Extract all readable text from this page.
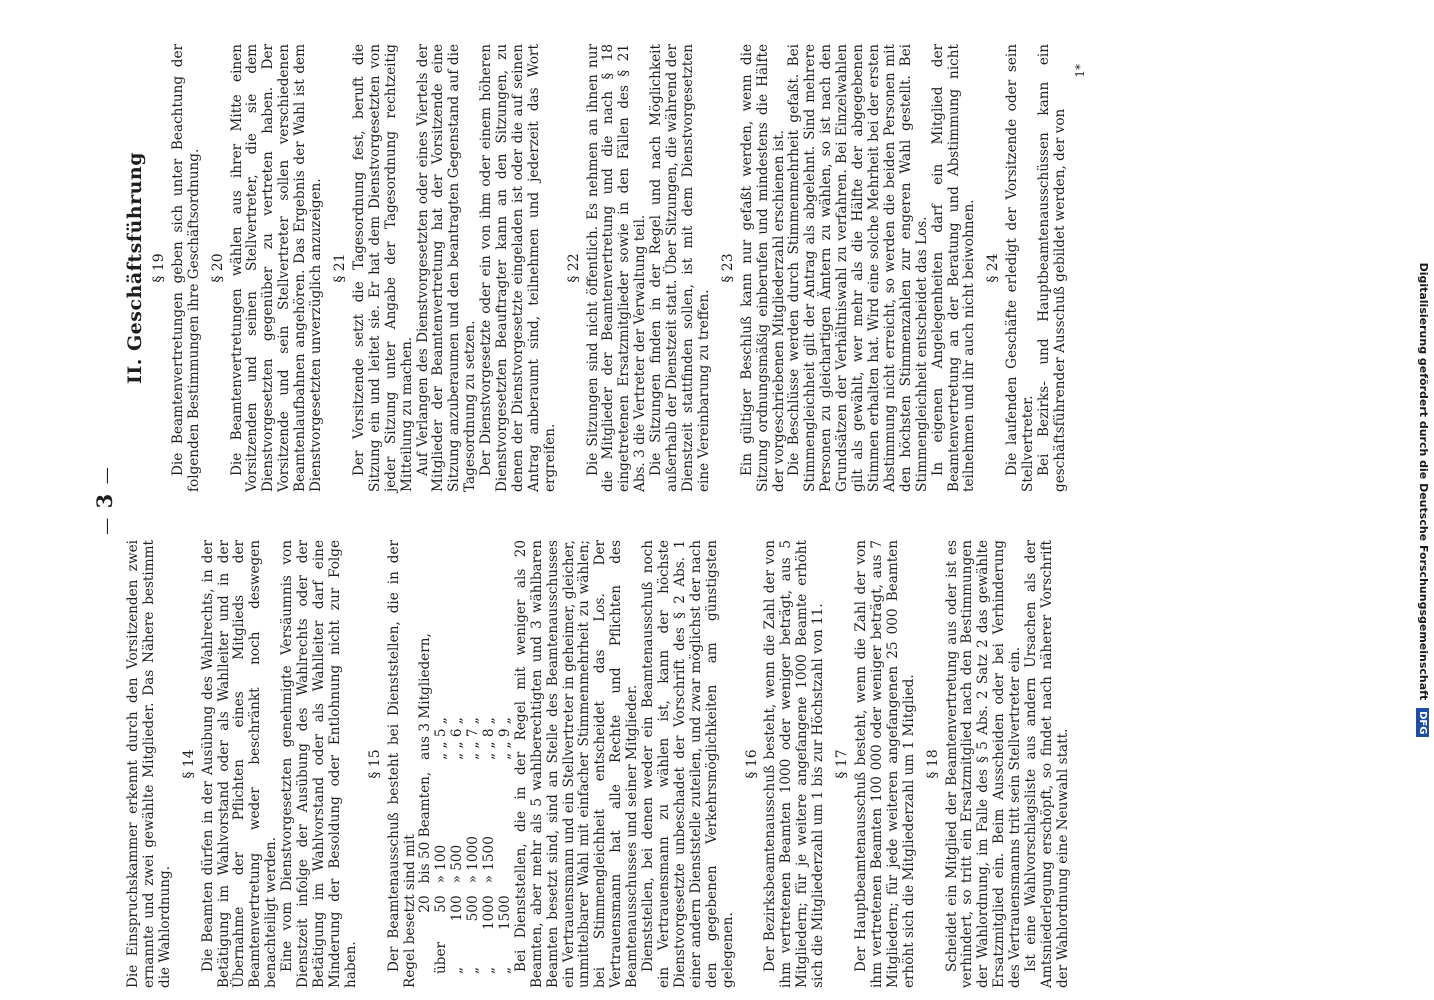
— 3 —

Die Einspruchskammer erkennt durch den Vorsitzenden zwei ernannte und zwei gewählte Mitglieder. Das Nähere bestimmt die Wahlordnung.

§ 14 Die Beamten dürfen in der Ausübung des Wahlrechts, in der Betätigung im Wahlvorstand oder als Wahlleiter und in der Übernahme der Pflichten eines Mitglieds der Beamtenvertretung weder beschränkt noch deswegen benachteiligt werden. Eine vom Dienstvorgesetzten genehmigte Versäumnis von Dienstzeit infolge der Ausübung des Wahlrechts oder der Betätigung im Wahlvorstand oder als Wahlleiter darf eine Minderung der Besoldung oder Entlohnung nicht zur Folge haben.

§ 15 Der Beamtenausschuß besteht bei Dienststellen, die in der Regel besetzt sind mit

	20	bis 50 Beamten,	aus 3 Mitgliedern,
über	50	» 100	„ „ 5 „
„	100	» 500	„ „ 6 „
„	500	» 1000	„ „ 7 „
„	1000	» 1500	„ „ 8 „
„	1500		„ „ 9 „ Bei Dienststellen, die in der Regel mit weniger als 20 Beamten, aber mehr als 5 wahlberechtigten und 3 wählbaren Beamten besetzt sind, sind an Stelle des Beamtenausschusses ein Vertrauensmann und ein Stellvertreter in geheimer, gleicher, unmittelbarer Wahl mit einfacher Stimmenmehrheit zu wählen; bei Stimmengleichheit entscheidet das Los. Der Vertrauensmann hat alle Rechte und Pflichten des Beamtenausschusses und seiner Mitglieder. Dienststellen, bei denen weder ein Beamtenausschuß noch ein Vertrauensmann zu wählen ist, kann der höchste Dienstvorgesetzte unbeschadet der Vorschrift des § 2 Abs. 1 einer andern Dienststelle zuteilen, und zwar möglichst der nach den gegebenen Verkehrsmöglichkeiten am günstigsten gelegenen.

§ 16 Der Bezirksbeamtenausschuß besteht, wenn die Zahl der von ihm vertretenen Beamten 1000 oder weniger beträgt, aus 5 Mitgliedern; für je weitere angefangene 1000 Beamte erhöht sich die Mitgliederzahl um 1 bis zur Höchstzahl von 11. § 17 Der Hauptbeamtenausschuß besteht, wenn die Zahl der von ihm vertretenen Beamten 100 000 oder weniger beträgt, aus 7 Mitgliedern; für jede weiteren angefangenen 25 000 Beamten erhöht sich die Mitgliederzahl um 1 Mitglied. § 18 Scheidet ein Mitglied der Beamtenvertretung aus oder ist es verhindert, so tritt ein Ersatzmitglied nach den Bestimmungen der Wahlordnung, im Falle des § 5 Abs. 2 Satz 2 das gewählte Ersatzmitglied ein. Beim Ausscheiden oder bei Verhinderung des Vertrauensmanns tritt sein Stellvertreter ein. Ist eine Wahlvorschlagsliste aus andern Ursachen als der Amtsniederlegung erschöpft, so findet nach näherer Vorschrift der Wahlordnung eine Neuwahl statt.

II. Geschäftsführung § 19 Die Beamtenvertretungen geben sich unter Beachtung der folgenden Bestimmungen ihre Geschäftsordnung. § 20 Die Beamtenvertretungen wählen aus ihrer Mitte einen Vorsitzenden und seinen Stellvertreter, die sie dem Dienstvorgesetzten gegenüber zu vertreten haben. Der Vorsitzende und sein Stellvertreter sollen verschiedenen Beamtenlaufbahnen angehören. Das Ergebnis der Wahl ist dem Dienstvorgesetzten unverzüglich anzuzeigen. § 21 Der Vorsitzende setzt die Tagesordnung fest, beruft die Sitzung ein und leitet sie. Er hat dem Dienstvorgesetzten von jeder Sitzung unter Angabe der Tagesordnung rechtzeitig Mitteilung zu machen. Auf Verlangen des Dienstvorgesetzten oder eines Viertels der Mitglieder der Beamtenvertretung hat der Vorsitzende eine Sitzung anzuberaumen und den beantragten Gegenstand auf die Tagesordnung zu setzen. Der Dienstvorgesetzte oder ein von ihm oder einem höheren Dienstvorgesetzten Beauftragter kann an den Sitzungen, zu denen der Dienstvorgesetzte eingeladen ist oder die auf seinen Antrag anberaumt sind, teilnehmen und jederzeit das Wort ergreifen.

§ 22 Die Sitzungen sind nicht öffentlich. Es nehmen an ihnen nur die Mitglieder der Beamtenvertretung und die nach § 18 eingetretenen Ersatzmitglieder sowie in den Fällen des § 21 Abs. 3 die Vertreter der Verwaltung teil. Die Sitzungen finden in der Regel und nach Möglichkeit außerhalb der Dienstzeit statt. Über Sitzungen, die während der Dienstzeit stattfinden sollen, ist mit dem Dienstvorgesetzten eine Vereinbarung zu treffen.

§ 23 Ein gültiger Beschluß kann nur gefaßt werden, wenn die Sitzung ordnungsmäßig einberufen und mindestens die Hälfte der vorgeschriebenen Mitgliederzahl erschienen ist. Die Beschlüsse werden durch Stimmenmehrheit gefaßt. Bei Stimmengleichheit gilt der Antrag als abgelehnt. Sind mehrere Personen zu gleichartigen Ämtern zu wählen, so ist nach den Grundsätzen der Verhältniswahl zu verfahren. Bei Einzelwahlen gilt als gewählt, wer mehr als die Hälfte der abgegebenen Stimmen erhalten hat. Wird eine solche Mehrheit bei der ersten Abstimmung nicht erreicht, so werden die beiden Personen mit den höchsten Stimmenzahlen zur engeren Wahl gestellt. Bei Stimmengleichheit entscheidet das Los. In eigenen Angelegenheiten darf ein Mitglied der Beamtenvertretung an der Beratung und Abstimmung nicht teilnehmen und ihr auch nicht beiwohnen. § 24 Die laufenden Geschäfte erledigt der Vorsitzende oder sein Stellvertreter. Bei Bezirks- und Hauptbeamtenausschüssen kann ein geschäftsführender Ausschuß gebildet werden, der von

1*
Digitalisierung gefördert durch die Deutsche Forschungsgemeinschaft DFG
